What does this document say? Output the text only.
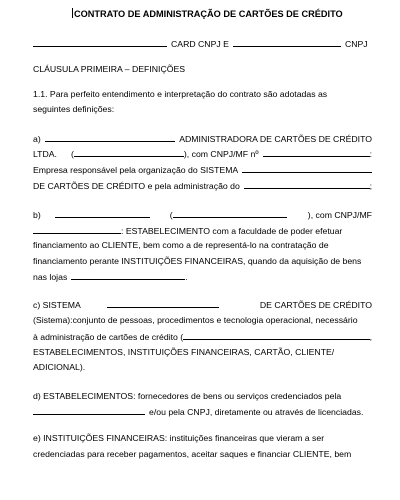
CONTRATO DE ADMINISTRAÇÃO DE CARTÕES DE CRÉDITO
CARD CNPJ E	CNPJ
CLÁUSULA PRIMEIRA – DEFINIÇÕES
1.1. Para perfeito entendimento e interpretação do contrato são adotadas as
seguintes definições:
a)	ADMINISTRADORA DE CARTÕES DE CRÉDITO
LTDA. (	), com CNPJ/MF nº	:
Empresa responsável pela organização do SISTEMA
DE CARTÕES DE CRÉDITO e pela administração do	;
b)	(	), com CNPJ/MF
: ESTABELECIMENTO com a faculdade de poder efetuar
financiamento ao CLIENTE, bem como a de representá-lo na contratação de
financiamento perante INSTITUIÇÕES FINANCEIRAS, quando da aquisição de bens
nas lojas	.
c) SISTEMA	DE CARTÕES DE CRÉDITO
(Sistema):conjunto de pessoas, procedimentos e tecnologia operacional, necessário
à administração de cartões de crédito (	,
ESTABELECIMENTOS, INSTITUIÇÕES FINANCEIRAS, CARTÃO, CLIENTE/
ADICIONAL).
d) ESTABELECIMENTOS: fornecedores de bens ou serviços credenciados pela
e/ou pela CNPJ, diretamente ou através de licenciadas.
e) INSTITUIÇÕES FINANCEIRAS: instituições financeiras que vieram a ser
credenciadas para receber pagamentos, aceitar saques e financiar CLIENTE, bem
